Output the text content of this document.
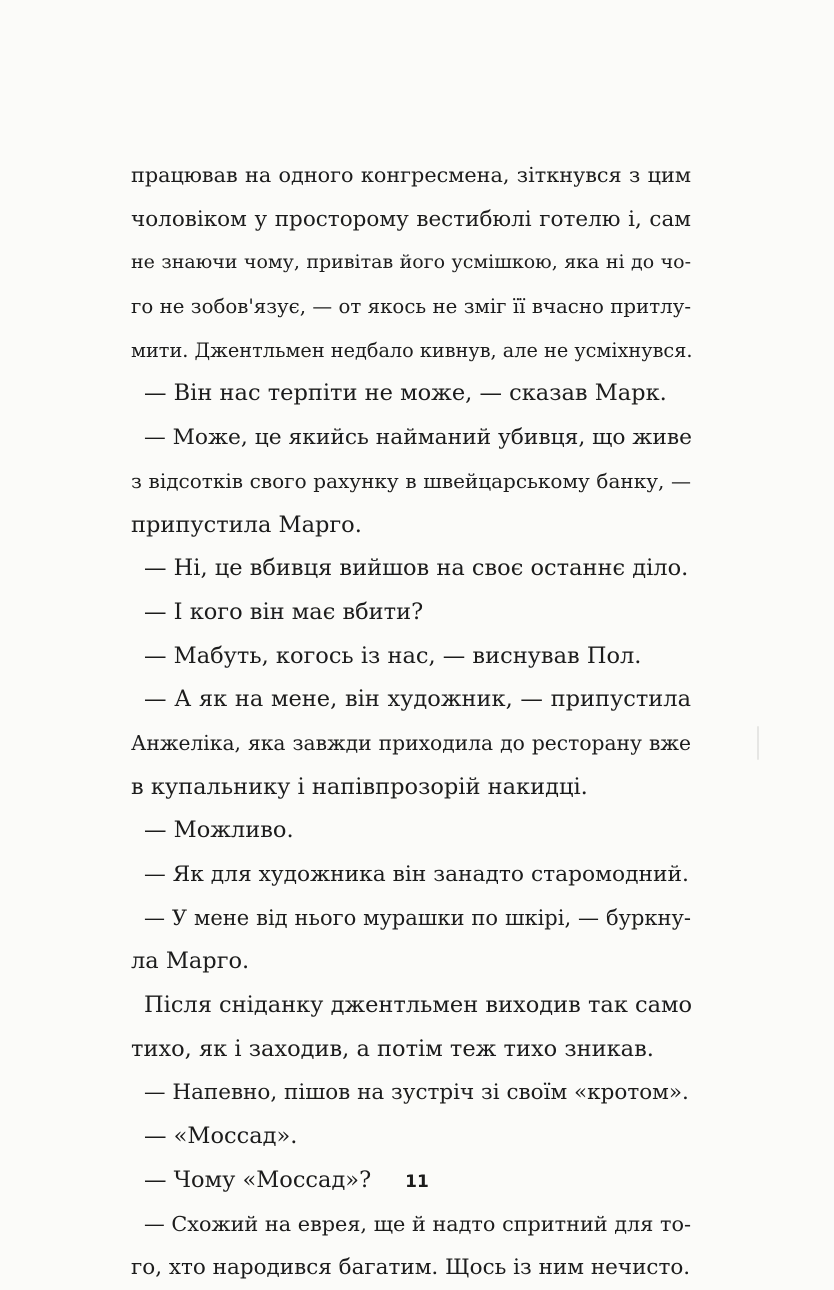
працював на одного конгресмена, зіткнувся з цим
чоловіком у просторому вестибюлі готелю і, сам
не знаючи чому, привітав його усмішкою, яка ні до чо-
го не зобов'язує, — от якось не зміг її вчасно притлу-
мити. Джентльмен недбало кивнув, але не усміхнувся.
— Він нас терпіти не може, — сказав Марк.
— Може, це якийсь найманий убивця, що живе
з відсотків свого рахунку в швейцарському банку, —
припустила Марго.
— Ні, це вбивця вийшов на своє останнє діло.
— І кого він має вбити?
— Мабуть, когось із нас, — виснував Пол.
— А як на мене, він художник, — припустила
Анжеліка, яка завжди приходила до ресторану вже
в купальнику і напівпрозорій накидці.
— Можливо.
— Як для художника він занадто старомодний.
— У мене від нього мурашки по шкірі, — буркну-
ла Марго.
Після сніданку джентльмен виходив так само
тихо, як і заходив, а потім теж тихо зникав.
— Напевно, пішов на зустріч зі своїм «кротом».
— «Моссад».
— Чому «Моссад»?
— Схожий на еврея, ще й надто спритний для то-
го, хто народився багатим. Щось із ним нечисто.
11
